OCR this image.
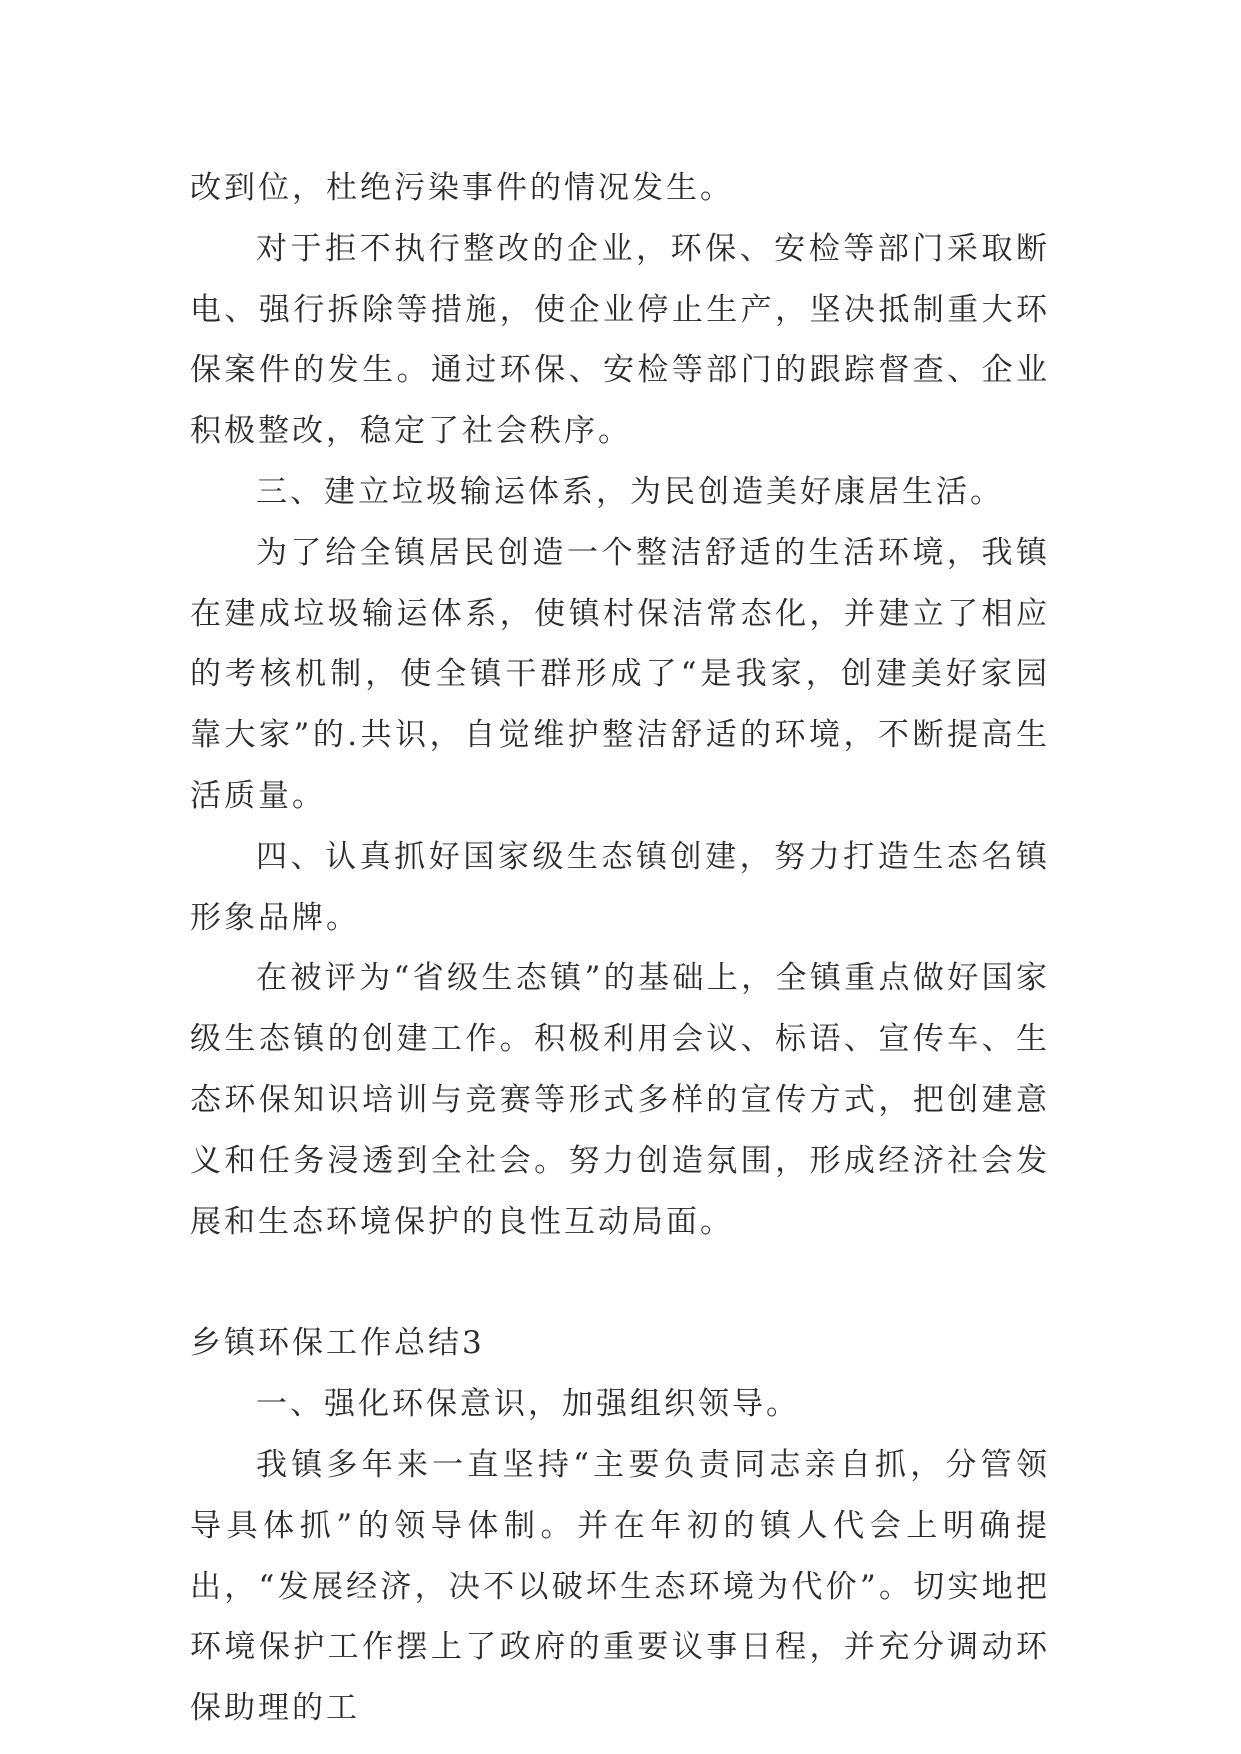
改到位，杜绝污染事件的情况发生。

对于拒不执行整改的企业，环保、安检等部门采取断电、强行拆除等措施，使企业停止生产，坚决抵制重大环保案件的发生。通过环保、安检等部门的跟踪督查、企业积极整改，稳定了社会秩序。

三、建立垃圾输运体系，为民创造美好康居生活。

为了给全镇居民创造一个整洁舒适的生活环境，我镇在建成垃圾输运体系，使镇村保洁常态化，并建立了相应的考核机制，使全镇干群形成了“是我家，创建美好家园靠大家”的.共识，自觉维护整洁舒适的环境，不断提高生活质量。

四、认真抓好国家级生态镇创建，努力打造生态名镇形象品牌。

在被评为“省级生态镇”的基础上，全镇重点做好国家级生态镇的创建工作。积极利用会议、标语、宣传车、生态环保知识培训与竞赛等形式多样的宣传方式，把创建意义和任务浸透到全社会。努力创造氛围，形成经济社会发展和生态环境保护的良性互动局面。

乡镇环保工作总结3

一、强化环保意识，加强组织领导。

我镇多年来一直坚持“主要负责同志亲自抓，分管领导具体抓”的领导体制。并在年初的镇人代会上明确提出，“发展经济，决不以破坏生态环境为代价”。切实地把环境保护工作摆上了政府的重要议事日程，并充分调动环保助理的工
